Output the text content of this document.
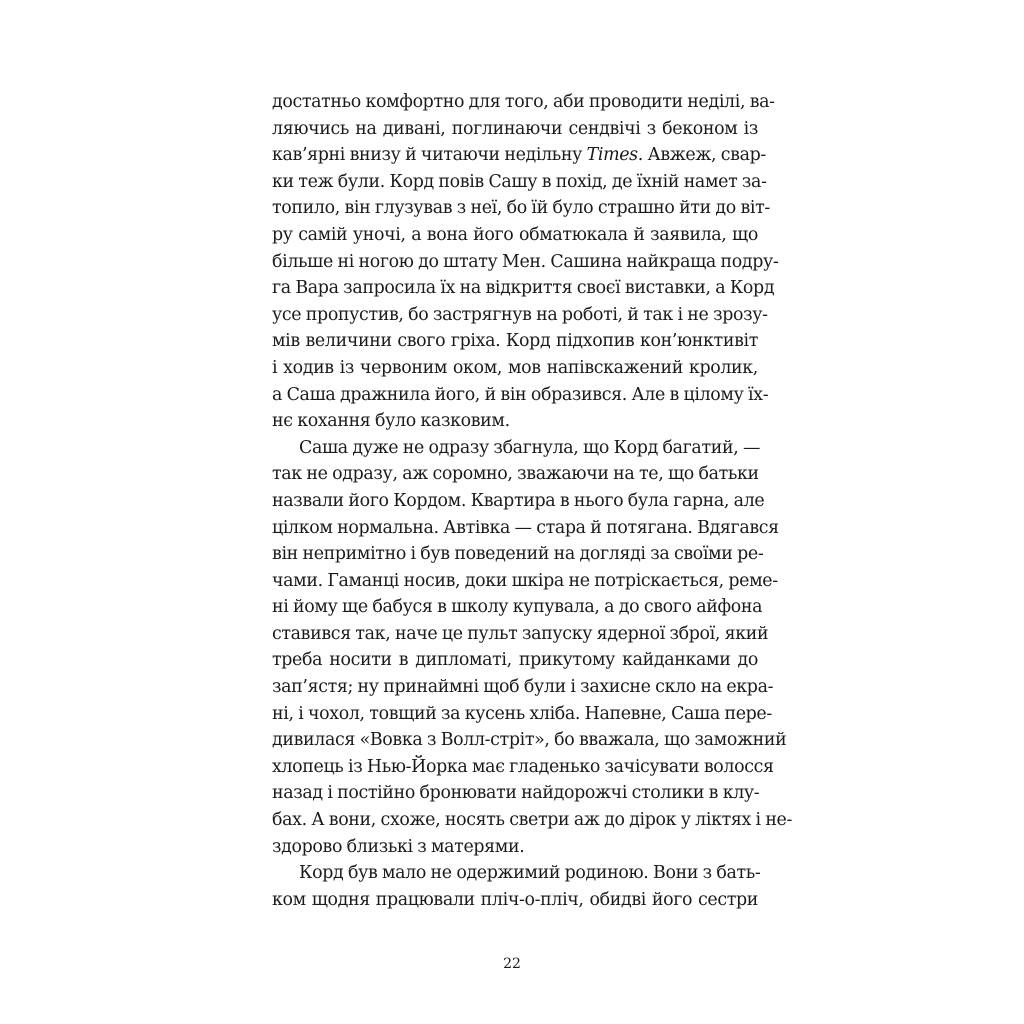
достатньо комфортно для того, аби проводити неділі, ва-
ляючись на дивані, поглинаючи сендвічі з беконом із
кав’ярні внизу й читаючи недільну Times. Авжеж, свар-
ки теж були. Корд повів Сашу в похід, де їхній намет за-
топило, він глузував з неї, бо їй було страшно йти до віт-
ру самій уночі, а вона його обматюкала й заявила, що
більше ні ногою до штату Мен. Сашина найкраща подру-
га Вара запросила їх на відкриття своєї виставки, а Корд
усе пропустив, бо застрягнув на роботі, й так і не зрозу-
мів величини свого гріха. Корд підхопив кон’юнктивіт
і ходив із червоним оком, мов напівскажений кролик,
а Саша дражнила його, й він образився. Але в цілому їх-
нє кохання було казковим.
Саша дуже не одразу збагнула, що Корд багатий, —
так не одразу, аж соромно, зважаючи на те, що батьки
назвали його Кордом. Квартира в нього була гарна, але
цілком нормальна. Автівка — стара й потягана. Вдягався
він непримітно і був поведений на догляді за своїми ре-
чами. Гаманці носив, доки шкіра не потріскається, ремe-
ні йому ще бабуся в школу купувала, а до свого айфона
ставився так, наче це пульт запуску ядерної зброї, який
треба носити в дипломаті, прикутому кайданками до
зап’ястя; ну принаймні щоб були і захисне скло на екра-
ні, і чохол, товщий за кусень хліба. Напевне, Саша пере-
дивилася «Вовка з Волл-стріт», бо вважала, що заможний
хлопець із Нью-Йорка має гладенько зачісувати волосся
назад і постійно бронювати найдорожчі столики в клу-
бах. А вони, схоже, носять светри аж до дірок у ліктях і не-
здорово близькі з матерями.
Корд був мало не одержимий родиною. Вони з бать-
ком щодня працювали пліч-о-пліч, обидві його сестри
22
